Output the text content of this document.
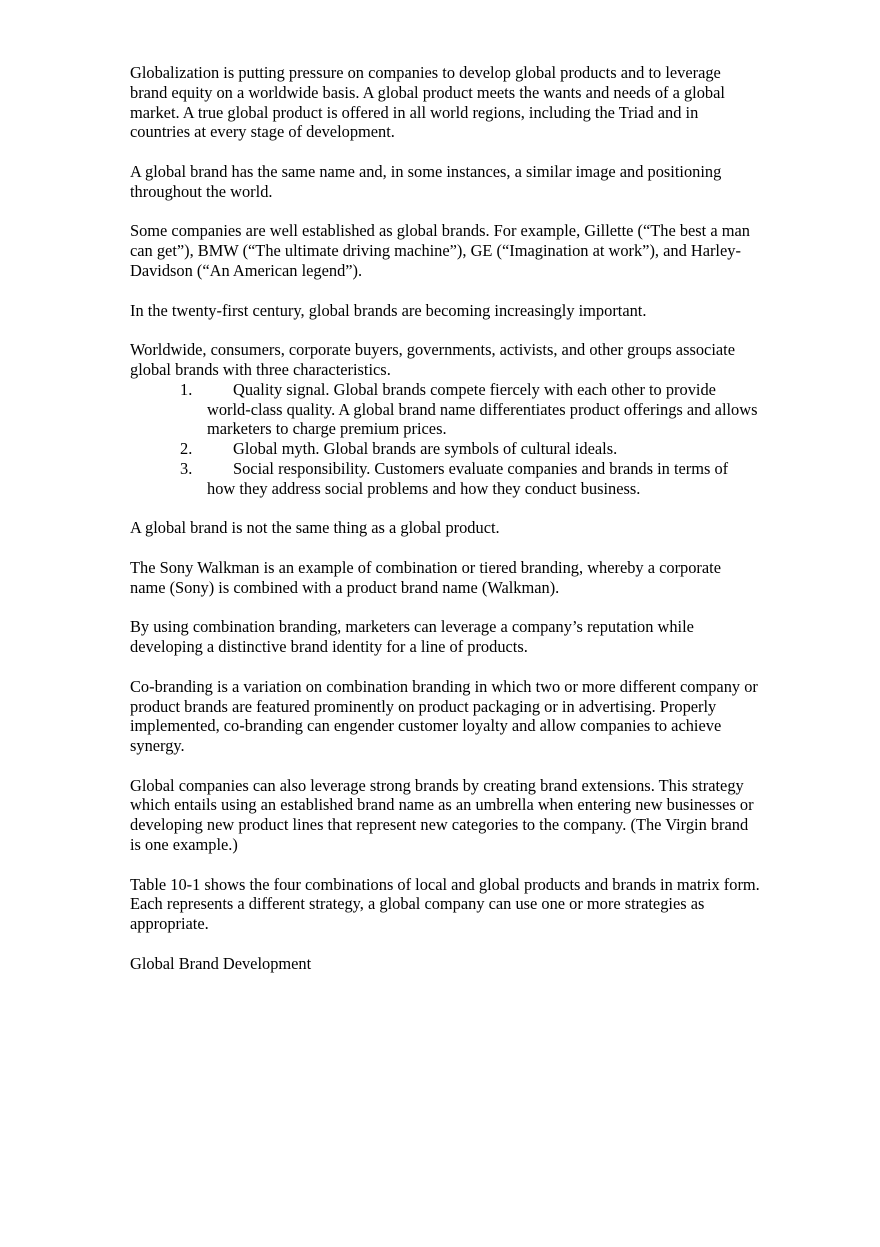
Globalization is putting pressure on companies to develop global products and to leverage brand equity on a worldwide basis. A global product meets the wants and needs of a global market. A true global product is offered in all world regions, including the Triad and in countries at every stage of development.

A global brand has the same name and, in some instances, a similar image and positioning throughout the world.

Some companies are well established as global brands. For example, Gillette (“The best a man can get”), BMW (“The ultimate driving machine”), GE (“Imagination at work”), and Harley-Davidson (“An American legend”).

In the twenty-first century, global brands are becoming increasingly important.

Worldwide, consumers, corporate buyers, governments, activists, and other groups associate global brands with three characteristics.

1.	Quality signal. Global brands compete fiercely with each other to provide world-class quality. A global brand name differentiates product offerings and allows marketers to charge premium prices.
2.	Global myth. Global brands are symbols of cultural ideals.
3.	Social responsibility. Customers evaluate companies and brands in terms of how they address social problems and how they conduct business.

A global brand is not the same thing as a global product.

The Sony Walkman is an example of combination or tiered branding, whereby a corporate name (Sony) is combined with a product brand name (Walkman).

By using combination branding, marketers can leverage a company’s reputation while developing a distinctive brand identity for a line of products.

Co-branding is a variation on combination branding in which two or more different company or product brands are featured prominently on product packaging or in advertising. Properly implemented, co-branding can engender customer loyalty and allow companies to achieve synergy.

Global companies can also leverage strong brands by creating brand extensions. This strategy which entails using an established brand name as an umbrella when entering new businesses or developing new product lines that represent new categories to the company. (The Virgin brand is one example.)

Table 10-1 shows the four combinations of local and global products and brands in matrix form. Each represents a different strategy, a global company can use one or more strategies as appropriate.

Global Brand Development
